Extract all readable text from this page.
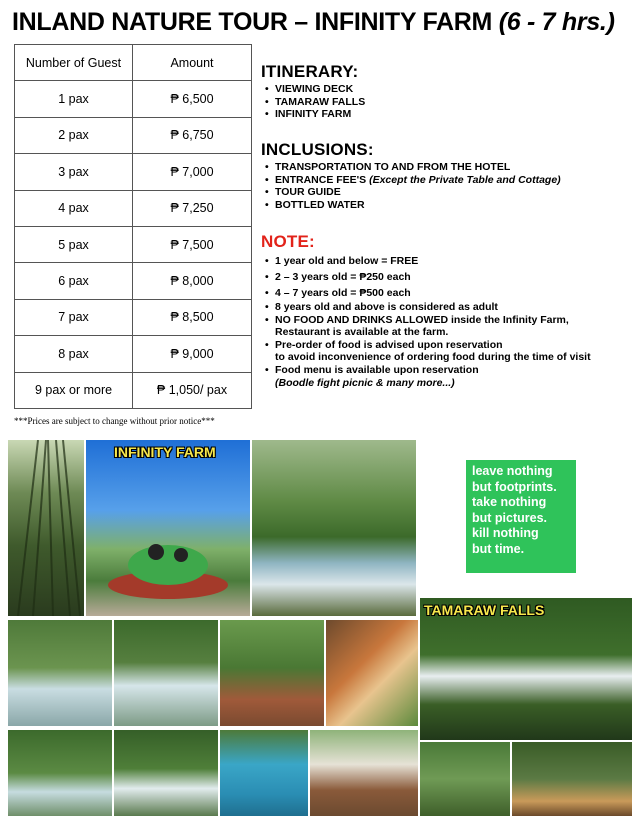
INLAND NATURE TOUR – INFINITY FARM (6 - 7 hrs.)
Number of Guest	Amount
1 pax	₱ 6,500
2 pax	₱ 6,750
3 pax	₱ 7,000
4 pax	₱ 7,250
5 pax	₱ 7,500
6 pax	₱ 8,000
7 pax	₱ 8,500
8 pax	₱ 9,000
9 pax or more	₱ 1,050/ pax
***Prices are subject to change without prior notice***
ITINERARY:
• VIEWING DECK
• TAMARAW FALLS
• INFINITY FARM
INCLUSIONS:
• TRANSPORTATION TO AND FROM THE HOTEL
• ENTRANCE FEE'S (Except the Private Table and Cottage)
• TOUR GUIDE
• BOTTLED WATER
NOTE:
• 1 year old and below = FREE
• 2 – 3 years old = ₱250 each
• 4 – 7 years old = ₱500 each
• 8 years old and above is considered as adult
• NO FOOD AND DRINKS ALLOWED inside the Infinity Farm,
Restaurant is available at the farm.
• Pre-order of food is advised upon reservation
to avoid inconvenience of ordering food during the time of visit
• Food menu is available upon reservation
(Boodle fight picnic & many more...)
INFINITY FARM
leave nothing
but footprints.
take nothing
but pictures.
kill nothing
but time.
TAMARAW FALLS
